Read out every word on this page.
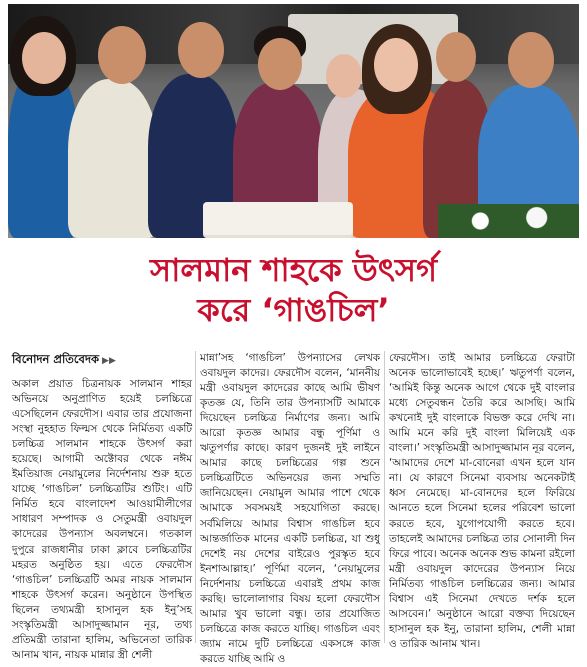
সালমান শাহকে উৎসর্গ
করে ‘গাঙচিল’
বিনোদন প্রতিবেদক ▶▶
অকাল প্রয়াত চিত্রনায়ক সালমান শাহর অভিনয়ে অনুপ্রাণিত হয়েই চলচ্চিত্রে এসেছিলেন ফেরদৌস। এবার তার প্রযোজনা সংস্থা নুহহাত ফিল্মস থেকে নির্মিতব্য একটি চলচ্চিত্র সালমান শাহকে উৎসর্গ করা হয়েছে। আগামী অক্টোবর থেকে নঈম ইমতিয়াজ নেয়ামুলের নির্দেশনায় শুরু হতে যাচ্ছে ‘গাঙচিল’ চলচ্চিত্রটির শুটিং। এটি নির্মিত হবে বাংলাদেশ আওয়ামীলীগের সাধারণ সম্পাদক ও সেতুমন্ত্রী ওবায়দুল কাদেরের উপন্যাস অবলম্বনে। গতকাল দুপুরে রাজধানীর ঢাকা ক্লাবে চলচ্চিত্রটির মহরত অনুষ্ঠিত হয়। এতে ফেরদৌস ‘গাঙচিল’ চলচ্চিত্রটি অমর নায়ক সালমান শাহকে উৎসর্গ করেন। অনুষ্ঠানে উপস্থিত ছিলেন তথ্যমন্ত্রী হাসানুল হক ইনু’সহ সংস্কৃতিমন্ত্রী আসাদুজ্জামান নূর, তথ্য প্রতিমন্ত্রী তারানা হালিম, অভিনেতা তারিক আনাম খান, নায়ক মান্নার স্ত্রী শেলী
মান্না’সহ ‘গাঙচিল’ উপন্যাসের লেখক ওবায়দুল কাদের। ফেরদৌস বলেন, ‘মাননীয় মন্ত্রী ওবায়দুল কাদেরের কাছে আমি ভীষণ কৃতজ্ঞ যে, তিনি তার উপন্যাসটি আমাকে দিয়েছেন চলচ্চিত্র নির্মাণের জন্য। আমি আরো কৃতজ্ঞ আমার বন্ধু পূর্ণিমা ও ঋতুপর্ণার কাছে। কারণ দুজনই দুই লাইনে আমার কাছে চলচ্চিত্রের গল্প শুনে চলচ্চিত্রটিতে অভিনয়ের জন্য সম্মতি জানিয়েছেন। নেয়ামুল আমার পাশে থেকে আমাকে সবসময়ই সহযোগিতা করছে। সর্বমিলিয়ে আমার বিশ্বাস গাঙচিল হবে আন্তর্জাতিক মানের একটি চলচ্চিত্র, যা শুধু দেশেই নয় দেশের বাইরেও পুরস্কৃত হবে ইনশাআল্লাহ।’ পূর্ণিমা বলেন, ‘নেয়ামুলের নির্দেশনায় চলচ্চিত্রে এবারই প্রথম কাজ করছি। ভালোলাগার বিষয় হলো ফেরদৌস আমার খুব ভালো বন্ধু। তার প্রযোজিত চলচ্চিত্রে কাজ করতে যাচ্ছি। গাঙচিল এবং জ্যাম নামে দুটি চলচ্চিত্রে একসঙ্গে কাজ করতে যাচ্ছি আমি ও
ফেরদৌস। তাই আমার চলচ্চিত্রে ফেরাটা অনেক ভালোভাবেই হচ্ছে।’ ঋতুপর্ণা বলেন, ‘আমিই কিন্তু অনেক আগে থেকে দুই বাংলার মধ্যে সেতুবন্ধন তৈরি করে আসছি। আমি কখনোই দুই বাংলাকে বিভক্ত করে দেখি না। আমি মনে করি দুই বাংলা মিলিয়েই এক বাংলা।’ সংস্কৃতিমন্ত্রী আসাদুজ্জামান নূর বলেন, ‘আমাদের দেশে মা-বোনেরা এখন হলে যান না। যে কারণে সিনেমা ব্যবসায় অনেকটাই ধ্বস নেমেছে। মা-বোনদের হলে ফিরিয়ে আনতে হলে সিনেমা হলের পরিবেশ ভালো করতে হবে, যুগোপযোগী করতে হবে। তাহলেই আমাদের চলচ্চিত্র তার সোনালী দিন ফিরে পাবে। অনেক অনেক শুভ কামনা রইলো মন্ত্রী ওবায়দুল কাদেরের উপন্যাস নিয়ে নির্মিতব্য গাঙচিল চলচ্চিত্রের জন্য। আমার বিশ্বাস এই সিনেমা দেখতে দর্শক হলে আসবেন।’ অনুষ্ঠানে আরো বক্তব্য দিয়েছেন হাসানুল হক ইনু, তারানা হালিম, শেলী মান্না ও তারিক আনাম খান।
